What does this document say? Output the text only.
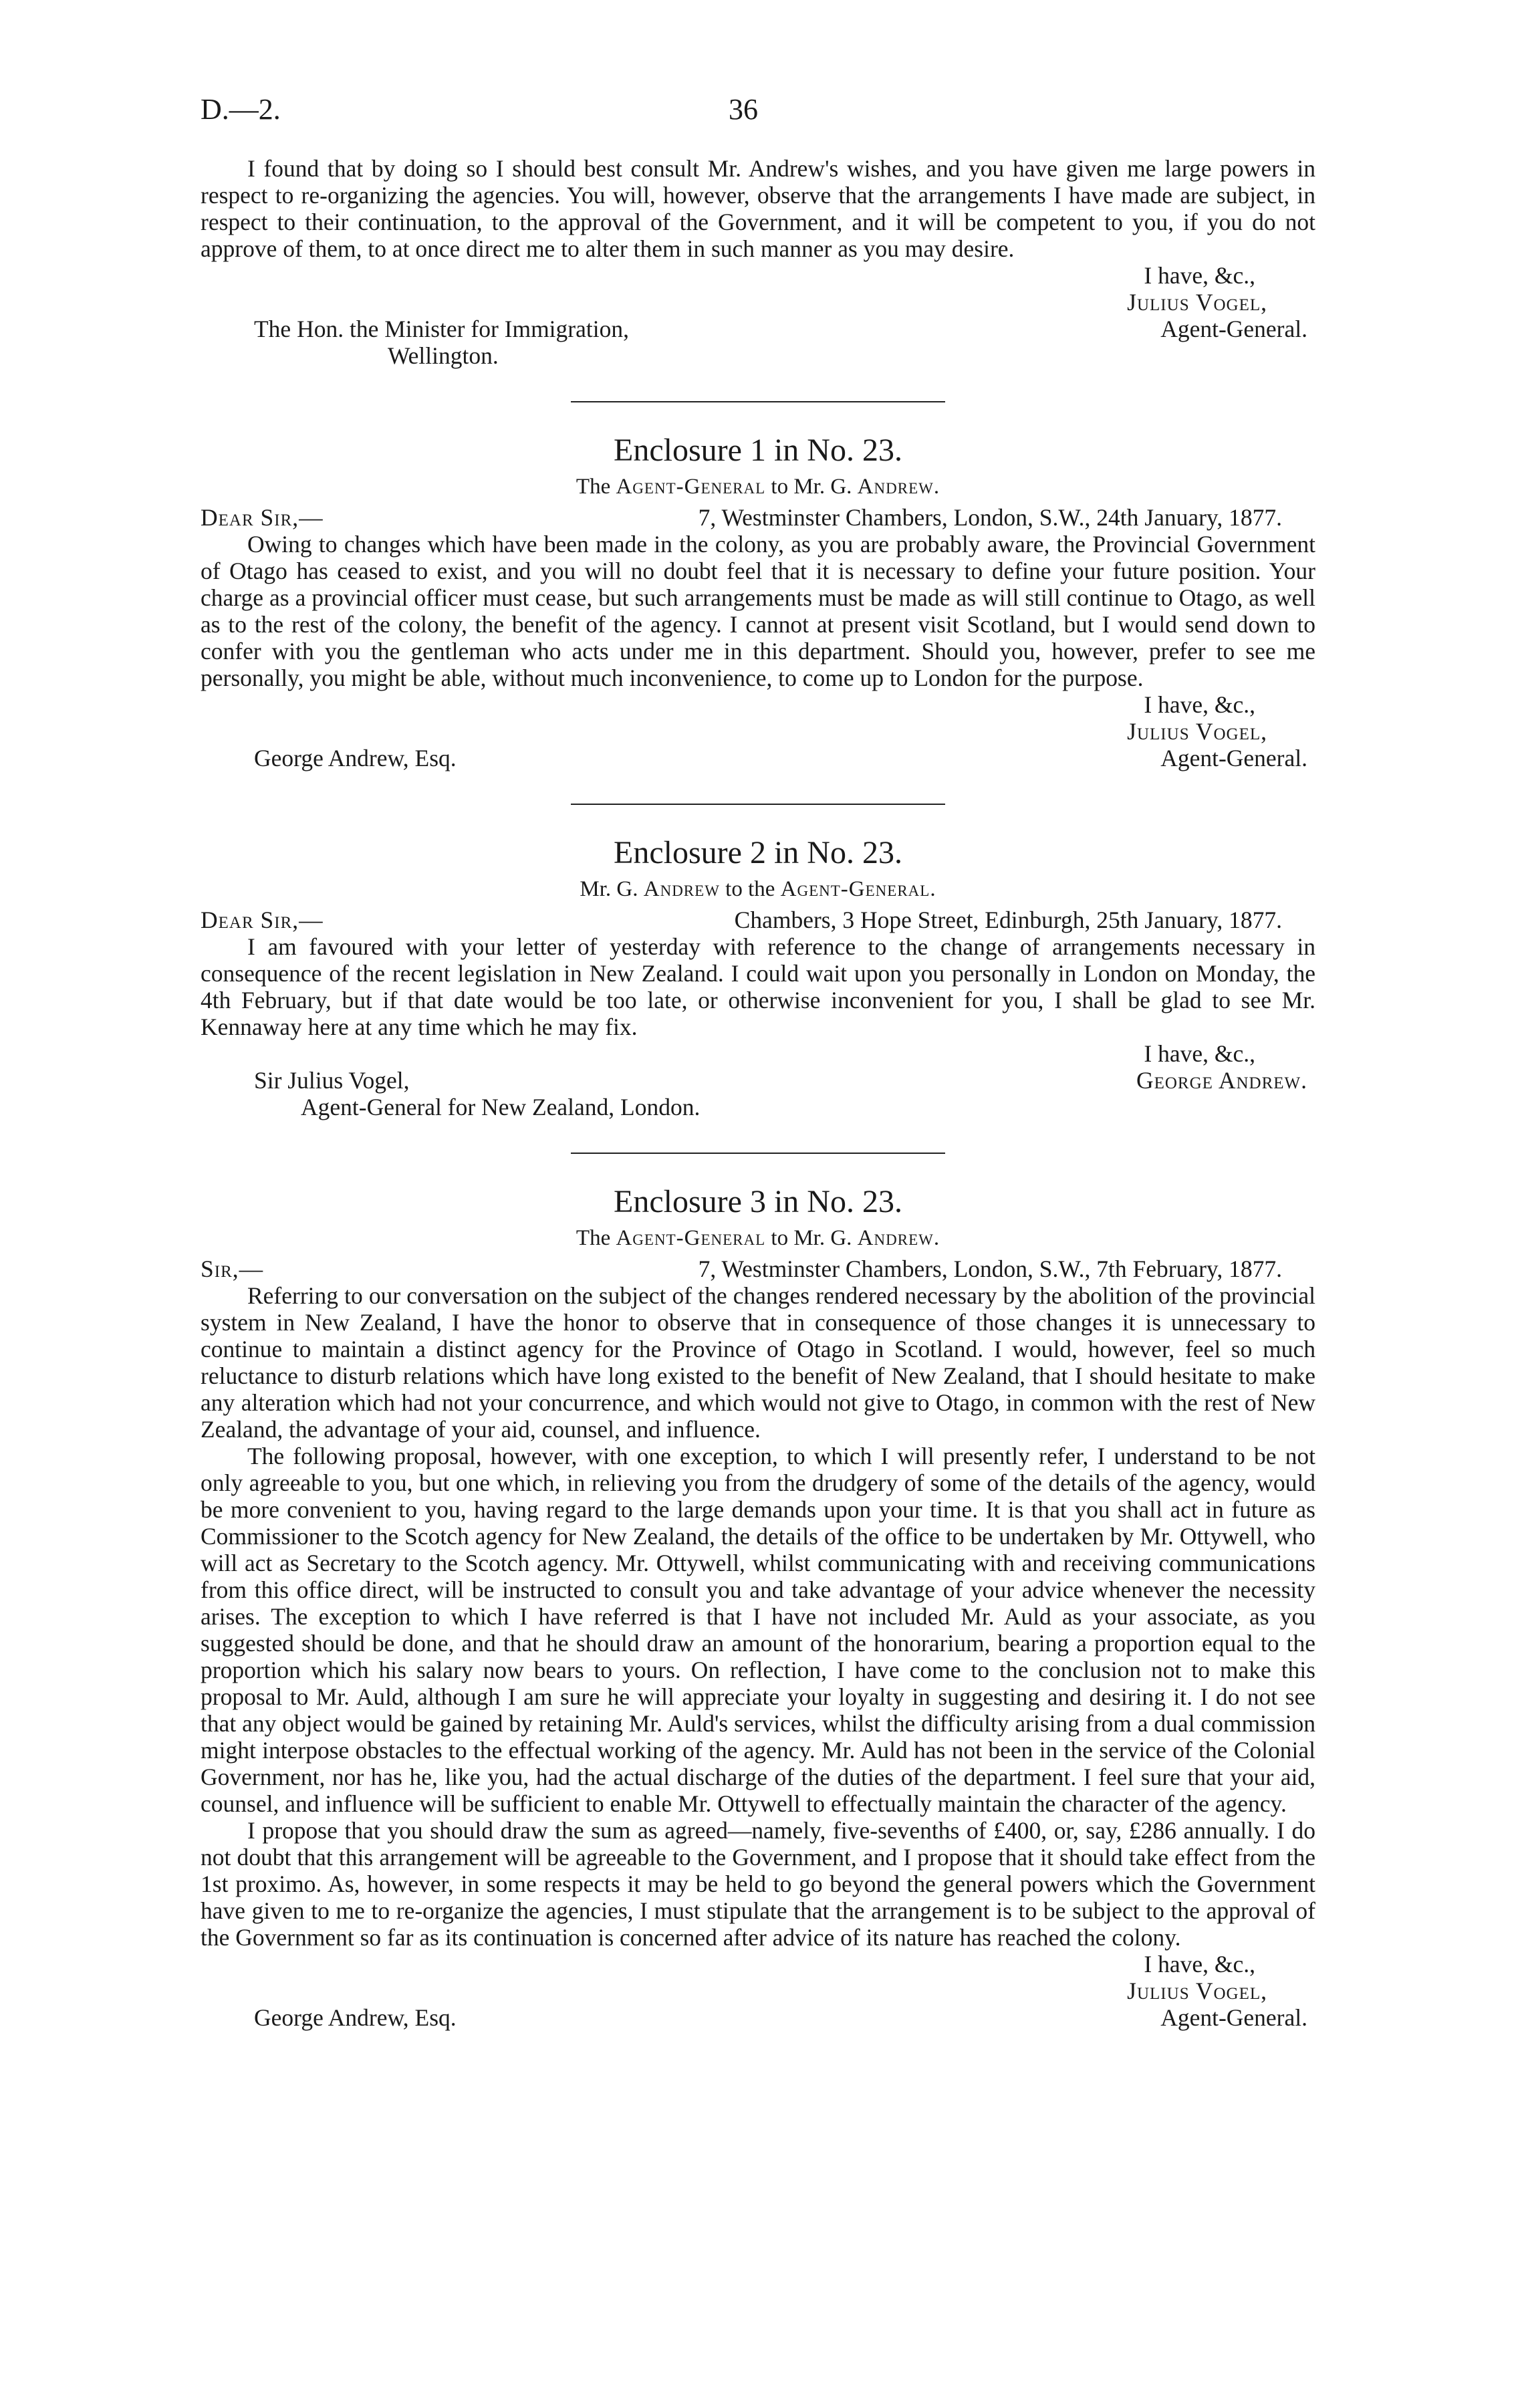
D.—2.	36

I found that by doing so I should best consult Mr. Andrew's wishes, and you have given me large powers in respect to re-organizing the agencies. You will, however, observe that the arrangements I have made are subject, in respect to their continuation, to the approval of the Government, and it will be competent to you, if you do not approve of them, to at once direct me to alter them in such manner as you may desire.

I have, &c.,

Julius Vogel,

The Hon. the Minister for Immigration,	Agent-General.

Wellington.

Enclosure 1 in No. 23.

The Agent-General to Mr. G. Andrew.

Dear Sir,—	7, Westminster Chambers, London, S.W., 24th January, 1877.

Owing to changes which have been made in the colony, as you are probably aware, the Provincial Government of Otago has ceased to exist, and you will no doubt feel that it is necessary to define your future position. Your charge as a provincial officer must cease, but such arrangements must be made as will still continue to Otago, as well as to the rest of the colony, the benefit of the agency. I cannot at present visit Scotland, but I would send down to confer with you the gentleman who acts under me in this department. Should you, however, prefer to see me personally, you might be able, without much inconvenience, to come up to London for the purpose.

I have, &c.,

Julius Vogel,

George Andrew, Esq.	Agent-General.
Enclosure 2 in No. 23.

Mr. G. Andrew to the Agent-General.

Dear Sir,—	Chambers, 3 Hope Street, Edinburgh, 25th January, 1877.

I am favoured with your letter of yesterday with reference to the change of arrangements necessary in consequence of the recent legislation in New Zealand. I could wait upon you personally in London on Monday, the 4th February, but if that date would be too late, or otherwise inconvenient for you, I shall be glad to see Mr. Kennaway here at any time which he may fix.

I have, &c.,

Sir Julius Vogel,	George Andrew.

Agent-General for New Zealand, London.

Enclosure 3 in No. 23.

The Agent-General to Mr. G. Andrew.

Sir,—	7, Westminster Chambers, London, S.W., 7th February, 1877.

Referring to our conversation on the subject of the changes rendered necessary by the abolition of the provincial system in New Zealand, I have the honor to observe that in consequence of those changes it is unnecessary to continue to maintain a distinct agency for the Province of Otago in Scotland. I would, however, feel so much reluctance to disturb relations which have long existed to the benefit of New Zealand, that I should hesitate to make any alteration which had not your concurrence, and which would not give to Otago, in common with the rest of New Zealand, the advantage of your aid, counsel, and influence.

The following proposal, however, with one exception, to which I will presently refer, I understand to be not only agreeable to you, but one which, in relieving you from the drudgery of some of the details of the agency, would be more convenient to you, having regard to the large demands upon your time. It is that you shall act in future as Commissioner to the Scotch agency for New Zealand, the details of the office to be undertaken by Mr. Ottywell, who will act as Secretary to the Scotch agency. Mr. Ottywell, whilst communicating with and receiving communications from this office direct, will be instructed to consult you and take advantage of your advice whenever the necessity arises. The exception to which I have referred is that I have not included Mr. Auld as your associate, as you suggested should be done, and that he should draw an amount of the honorarium, bearing a proportion equal to the proportion which his salary now bears to yours. On reflection, I have come to the conclusion not to make this proposal to Mr. Auld, although I am sure he will appreciate your loyalty in suggesting and desiring it. I do not see that any object would be gained by retaining Mr. Auld's services, whilst the difficulty arising from a dual commission might interpose obstacles to the effectual working of the agency. Mr. Auld has not been in the service of the Colonial Government, nor has he, like you, had the actual discharge of the duties of the department. I feel sure that your aid, counsel, and influence will be sufficient to enable Mr. Ottywell to effectually maintain the character of the agency.

I propose that you should draw the sum as agreed—namely, five-sevenths of £400, or, say, £286 annually. I do not doubt that this arrangement will be agreeable to the Government, and I propose that it should take effect from the 1st proximo. As, however, in some respects it may be held to go beyond the general powers which the Government have given to me to re-organize the agencies, I must stipulate that the arrangement is to be subject to the approval of the Government so far as its continuation is concerned after advice of its nature has reached the colony.

I have, &c.,

Julius Vogel,

George Andrew, Esq.	Agent-General.
